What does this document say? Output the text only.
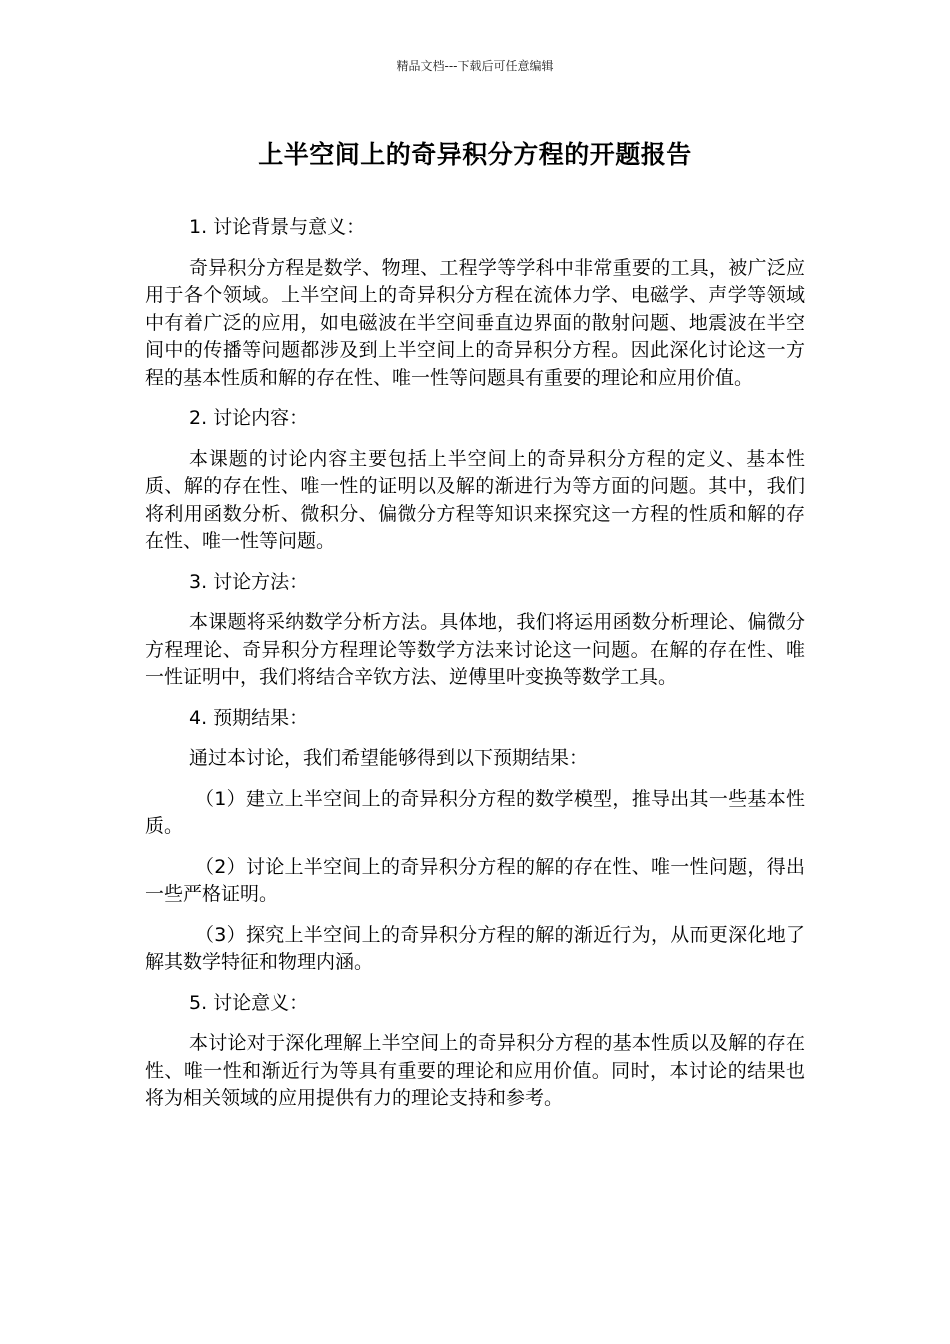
精品文档---下载后可任意编辑
上半空间上的奇异积分方程的开题报告
1. 讨论背景与意义：

奇异积分方程是数学、物理、工程学等学科中非常重要的工具，被广泛应用于各个领域。上半空间上的奇异积分方程在流体力学、电磁学、声学等领域中有着广泛的应用，如电磁波在半空间垂直边界面的散射问题、地震波在半空间中的传播等问题都涉及到上半空间上的奇异积分方程。因此深化讨论这一方程的基本性质和解的存在性、唯一性等问题具有重要的理论和应用价值。

2. 讨论内容：

本课题的讨论内容主要包括上半空间上的奇异积分方程的定义、基本性质、解的存在性、唯一性的证明以及解的渐进行为等方面的问题。其中，我们将利用函数分析、微积分、偏微分方程等知识来探究这一方程的性质和解的存在性、唯一性等问题。

3. 讨论方法：

本课题将采纳数学分析方法。具体地，我们将运用函数分析理论、偏微分方程理论、奇异积分方程理论等数学方法来讨论这一问题。在解的存在性、唯一性证明中，我们将结合辛钦方法、逆傅里叶变换等数学工具。

4. 预期结果：

通过本讨论，我们希望能够得到以下预期结果：

（1）建立上半空间上的奇异积分方程的数学模型，推导出其一些基本性质。

（2）讨论上半空间上的奇异积分方程的解的存在性、唯一性问题，得出一些严格证明。

（3）探究上半空间上的奇异积分方程的解的渐近行为，从而更深化地了解其数学特征和物理内涵。

5. 讨论意义：

本讨论对于深化理解上半空间上的奇异积分方程的基本性质以及解的存在性、唯一性和渐近行为等具有重要的理论和应用价值。同时，本讨论的结果也将为相关领域的应用提供有力的理论支持和参考。
